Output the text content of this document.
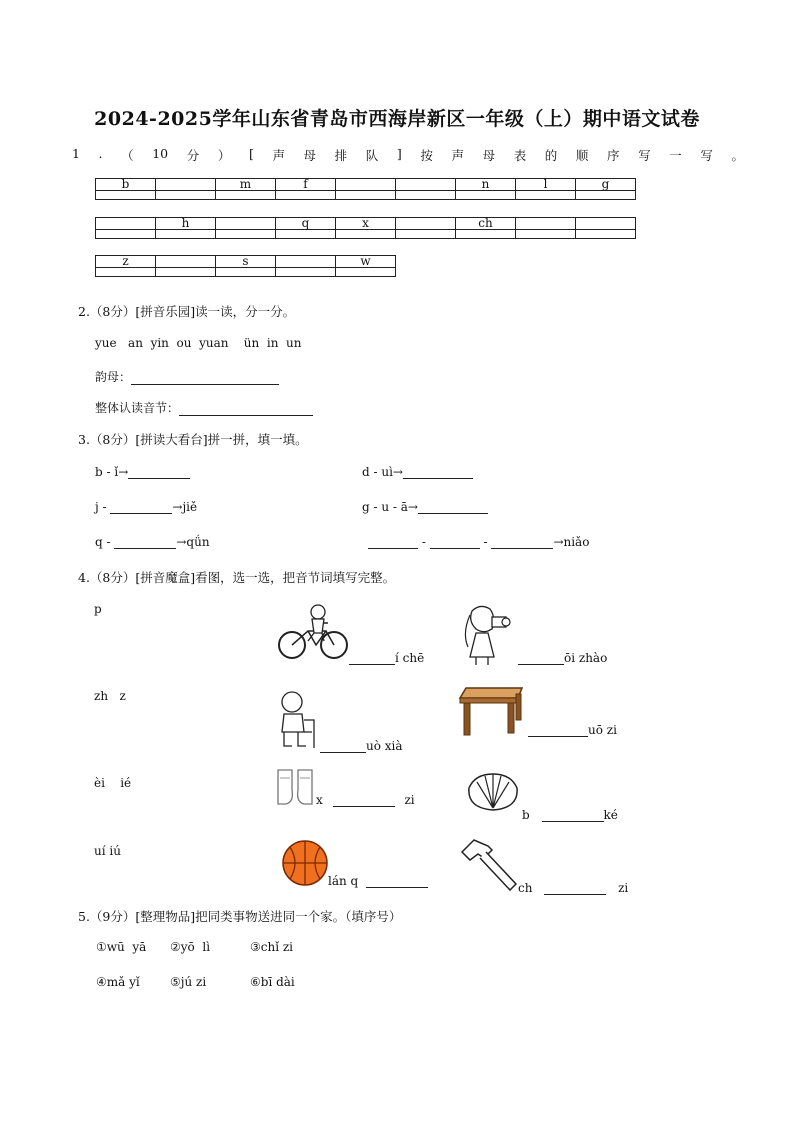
2024-2025学年山东省青岛市西海岸新区一年级（上）期中语文试卷
1 . （ 10 分 ） [ 声 母 排 队 ] 按 声 母 表 的 顺 序 写 一 写 。
b		m	f			n	l	g

	h		q	x		ch		

z		s		w

2.（8分）[拼音乐园]读一读，分一分。
yue   an  yin  ou  yuan    ün  in  un
韵母：
整体认读音节：
3.（8分）[拼读大看台]拼一拼，填一填。
b - ǐ→	d - uì→
j -	→jiě	g - u - ā→
q -	→qǘn	-	-	→niǎo
4.（8分）[拼音魔盒]看图，选一选，把音节词填写完整。
p
zh   z
èi    ié
uí iú
í chē	ōi zhào
uò xià
uō zi
x	zi
b	ké
lán q	ch	zi
5.（9分）[整理物品]把同类事物送进同一个家。（填序号）
①wū  yā ②yō  lì	③chǐ zi
④mǎ yǐ	⑤jú zi	⑥bī dài
